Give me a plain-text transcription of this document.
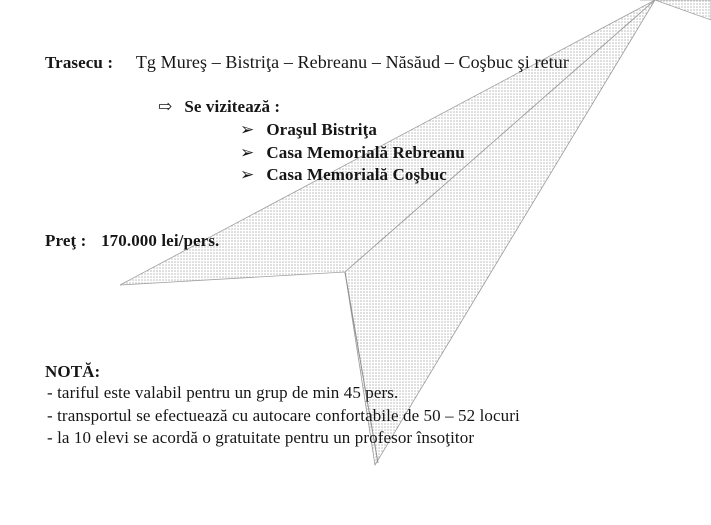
Trasecu : Tg Mureş – Bistriţa – Rebreanu – Năsăud – Coşbuc şi retur
⇨ Se vizitează :
➢ Oraşul Bistriţa
➢ Casa Memorială Rebreanu
➢ Casa Memorială Coşbuc
Preţ : 170.000 lei/pers.
NOTĂ:
- tariful este valabil pentru un grup de min 45 pers.
- transportul se efectuează cu autocare confortabile de 50 – 52 locuri
- la 10 elevi se acordă o gratuitate pentru un profesor însoţitor
